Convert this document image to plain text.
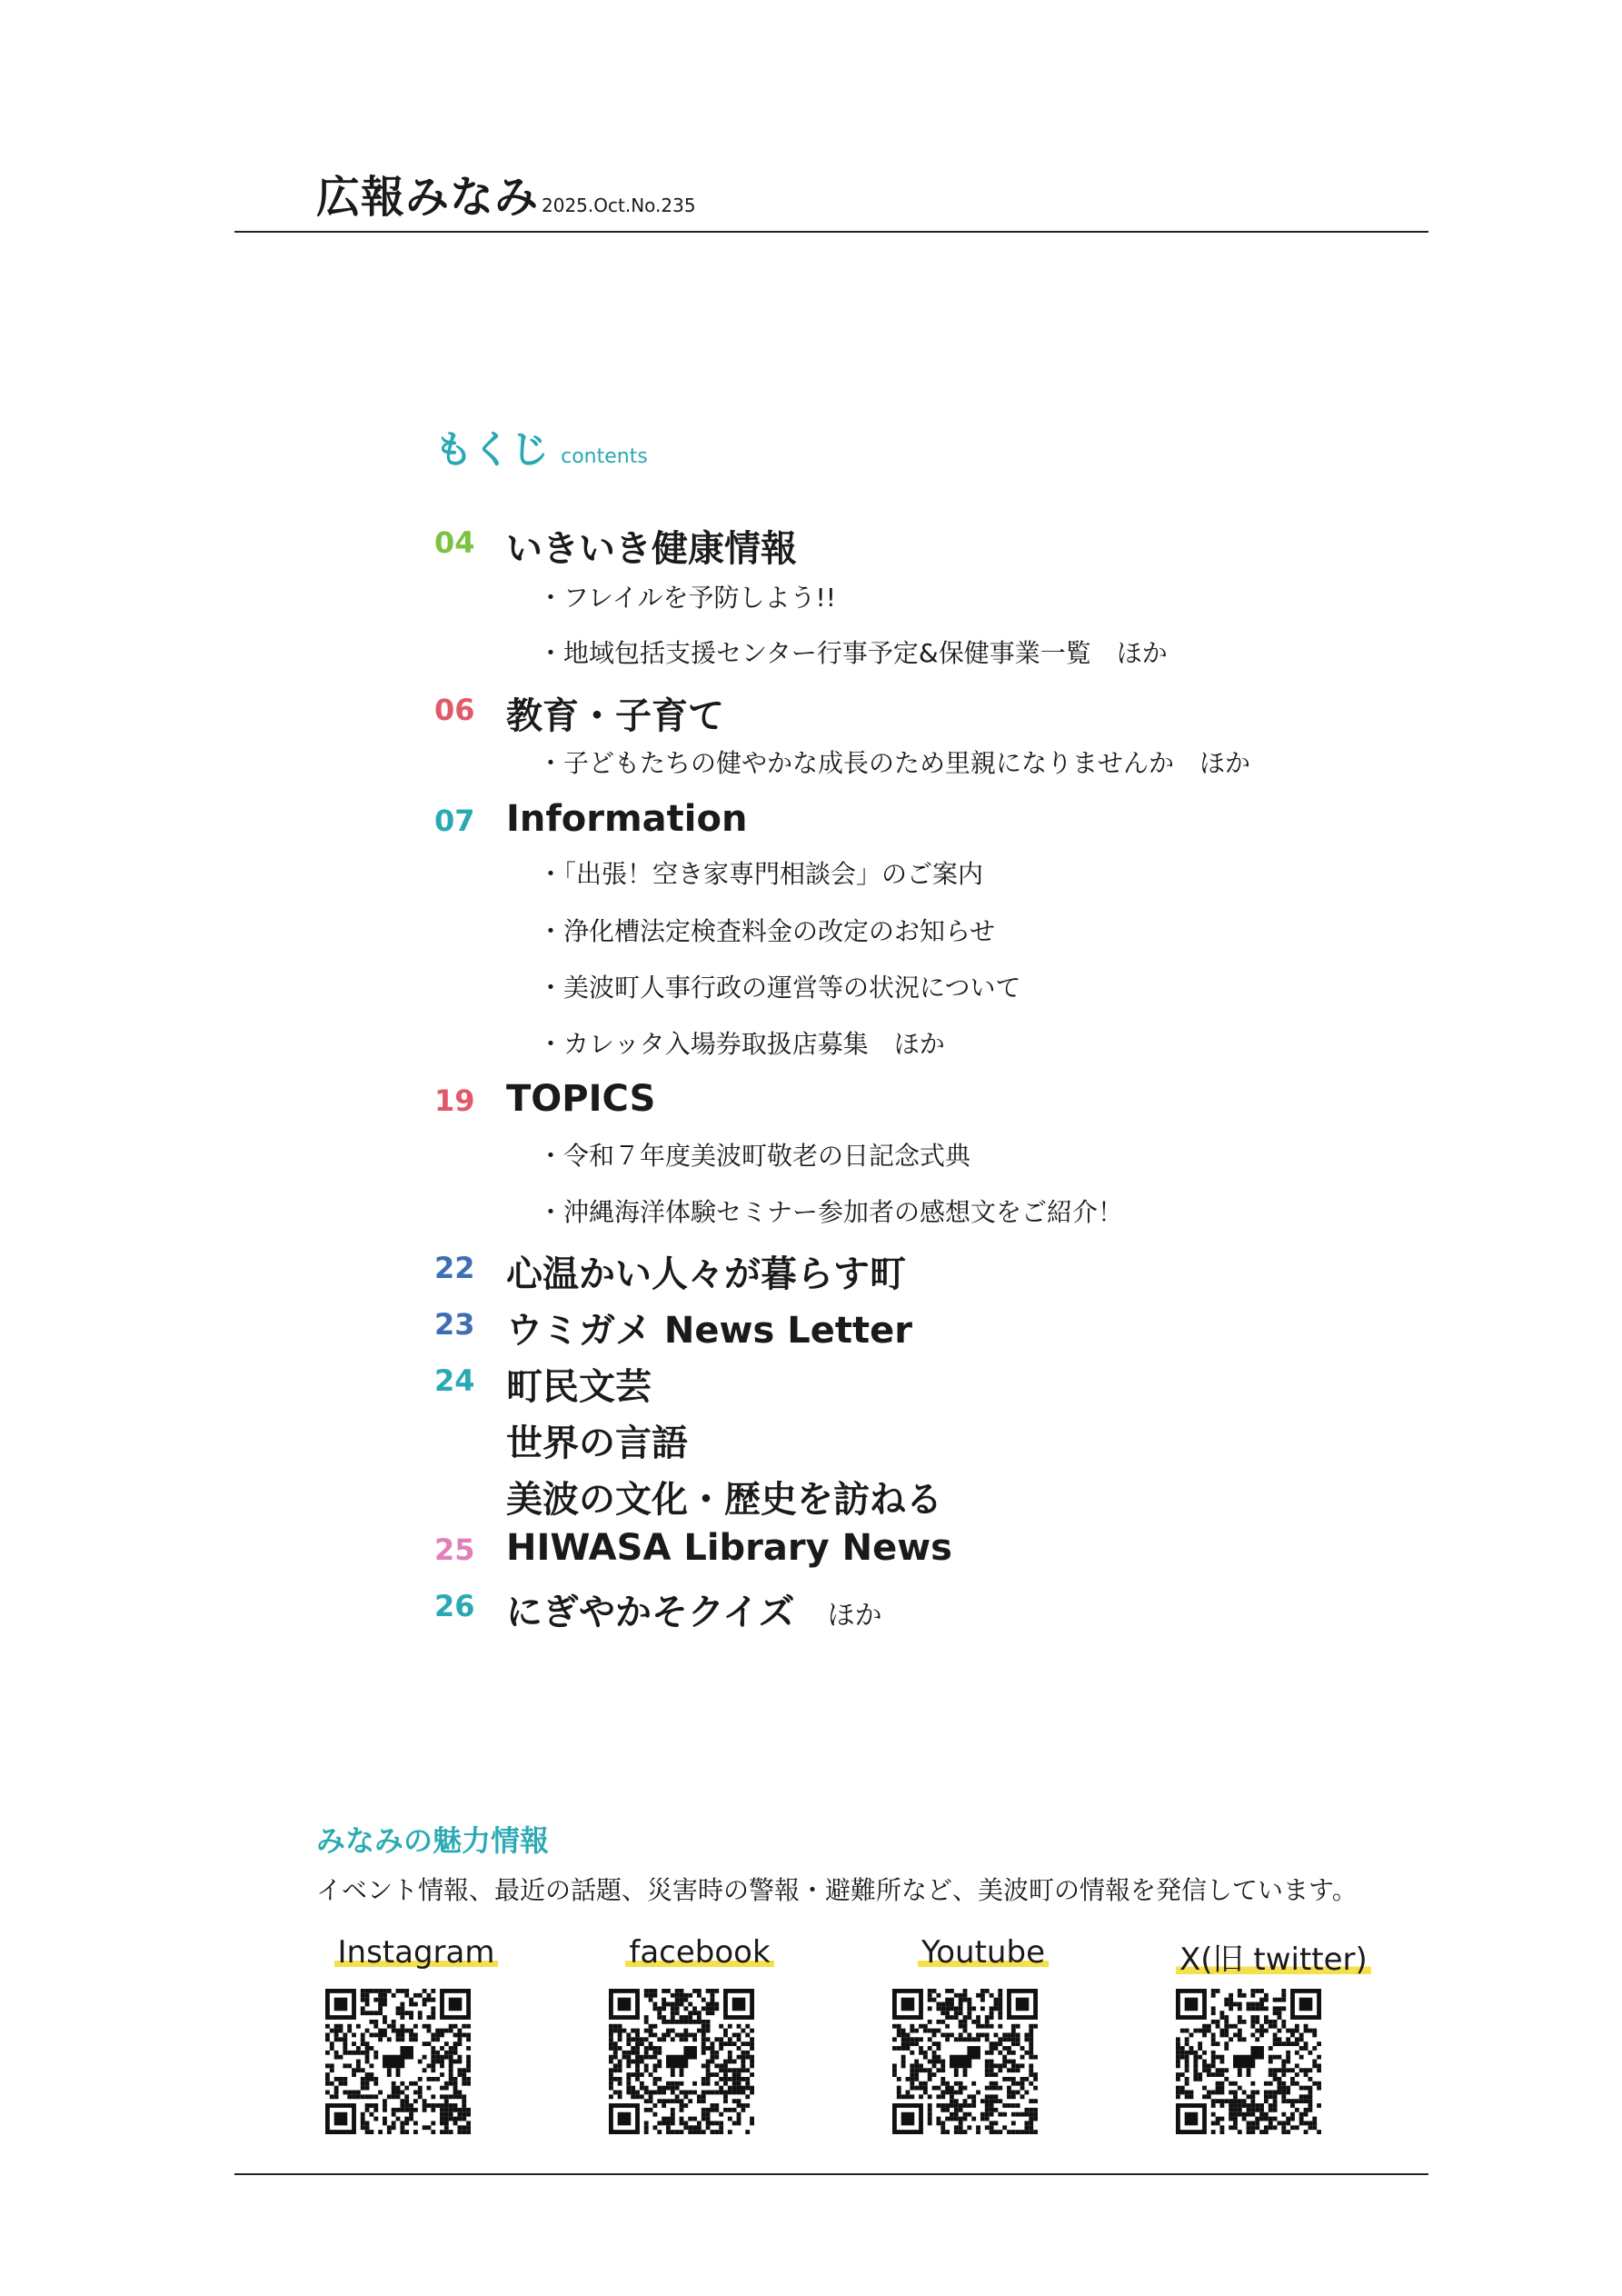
広報みなみ 2025.Oct.No.235
もくじ contents
04 いきいき健康情報
・フレイルを予防しよう!!
・地域包括支援センター行事予定&保健事業一覧　ほか
06 教育・子育て
・子どもたちの健やかな成長のため里親になりませんか　ほか
07 Information
・「出張！空き家専門相談会」のご案内
・浄化槽法定検査料金の改定のお知らせ
・美波町人事行政の運営等の状況について
・カレッタ入場券取扱店募集　ほか
19 TOPICS
・令和７年度美波町敬老の日記念式典
・沖縄海洋体験セミナー参加者の感想文をご紹介！
22 心温かい人々が暮らす町
23 ウミガメ News Letter
24 町民文芸
世界の言語
美波の文化・歴史を訪ねる
25 HIWASA Library News
26 にぎやかそクイズ ほか
みなみの魅力情報
イベント情報、最近の話題、災害時の警報・避難所など、美波町の情報を発信しています。
Instagram	facebook	Youtube	X(旧 twitter)
